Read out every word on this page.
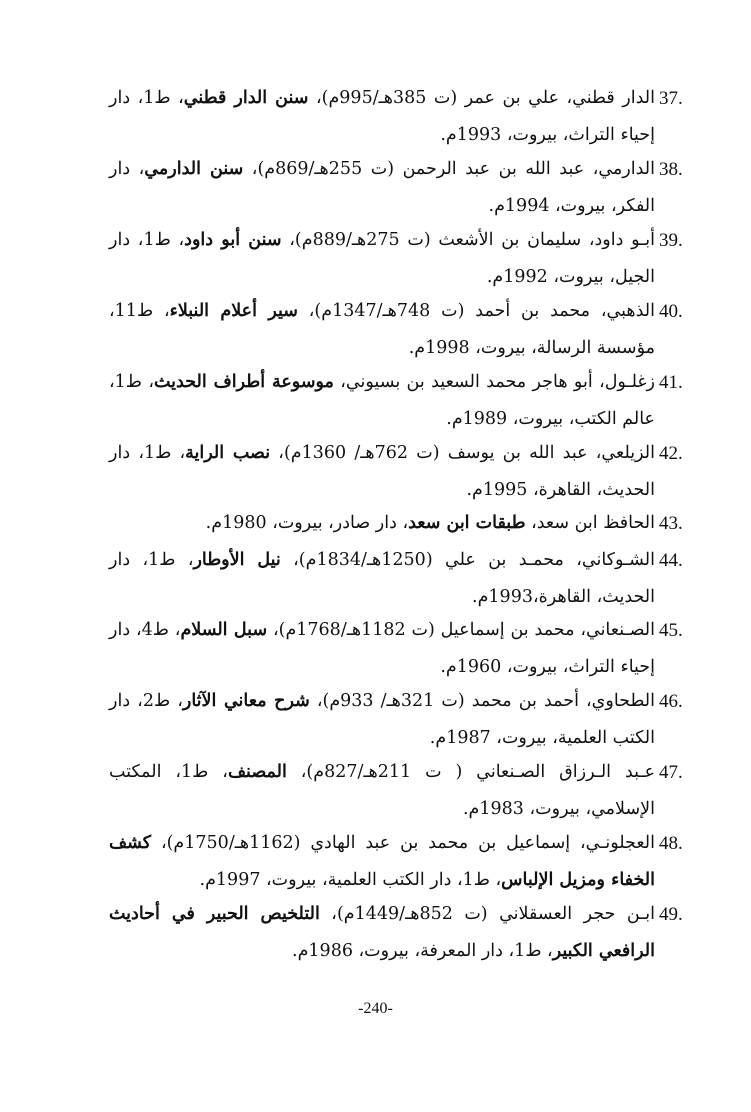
37.
الدار قطني، علي بن عمر (ت 385هـ/995م)، سنن الدار قطني، ط1، دار إحياء التراث، بيروت، 1993م.
38.
الدارمي، عبد الله بن عبد الرحمن (ت 255هـ/869م)، سنن الدارمي، دار الفكر، بيروت، 1994م.
39.
أبـو داود، سليمان بن الأشعث (ت 275هـ/889م)، سنن أبو داود، ط1، دار الجيل، بيروت، 1992م.
40.
الذهبي، محمد بن أحمد (ت 748هـ/1347م)، سير أعلام النبلاء، ط11، مؤسسة الرسالة، بيروت، 1998م.
41.
زغلـول، أبو هاجر محمد السعيد بن بسيوني، موسوعة أطراف الحديث، ط1، عالم الكتب، بيروت، 1989م.
42.
الزيلعي، عبد الله بن يوسف (ت 762هـ/ 1360م)، نصب الراية، ط1، دار الحديث، القاهرة، 1995م.
43.
الحافظ ابن سعد، طبقات ابن سعد، دار صادر، بيروت، 1980م.
44.
الشـوكاني، محمـد بن علي (1250هـ/1834م)، نيل الأوطار، ط1، دار الحديث، القاهرة،1993م.
45.
الصـنعاني، محمد بن إسماعيل (ت 1182هـ/1768م)، سبل السلام، ط4، دار إحياء التراث، بيروت، 1960م.
46.
الطحاوي، أحمد بن محمد (ت 321هـ/ 933م)، شرح معاني الآثار، ط2، دار الكتب العلمية، بيروت، 1987م.
47.
عـبد الـرزاق الصـنعاني ( ت 211هـ/827م)، المصنف، ط1، المكتب الإسلامي، بيروت، 1983م.
48.
العجلونـي، إسماعيل بن محمد بن عبد الهادي (1162هـ/1750م)، كشف الخفاء ومزيل الإلباس، ط1، دار الكتب العلمية، بيروت، 1997م.
49.
ابـن حجر العسقلاني (ت 852هـ/1449م)، التلخيص الحبير في أحاديث الرافعي الكبير، ط1، دار المعرفة، بيروت، 1986م.
-240-
